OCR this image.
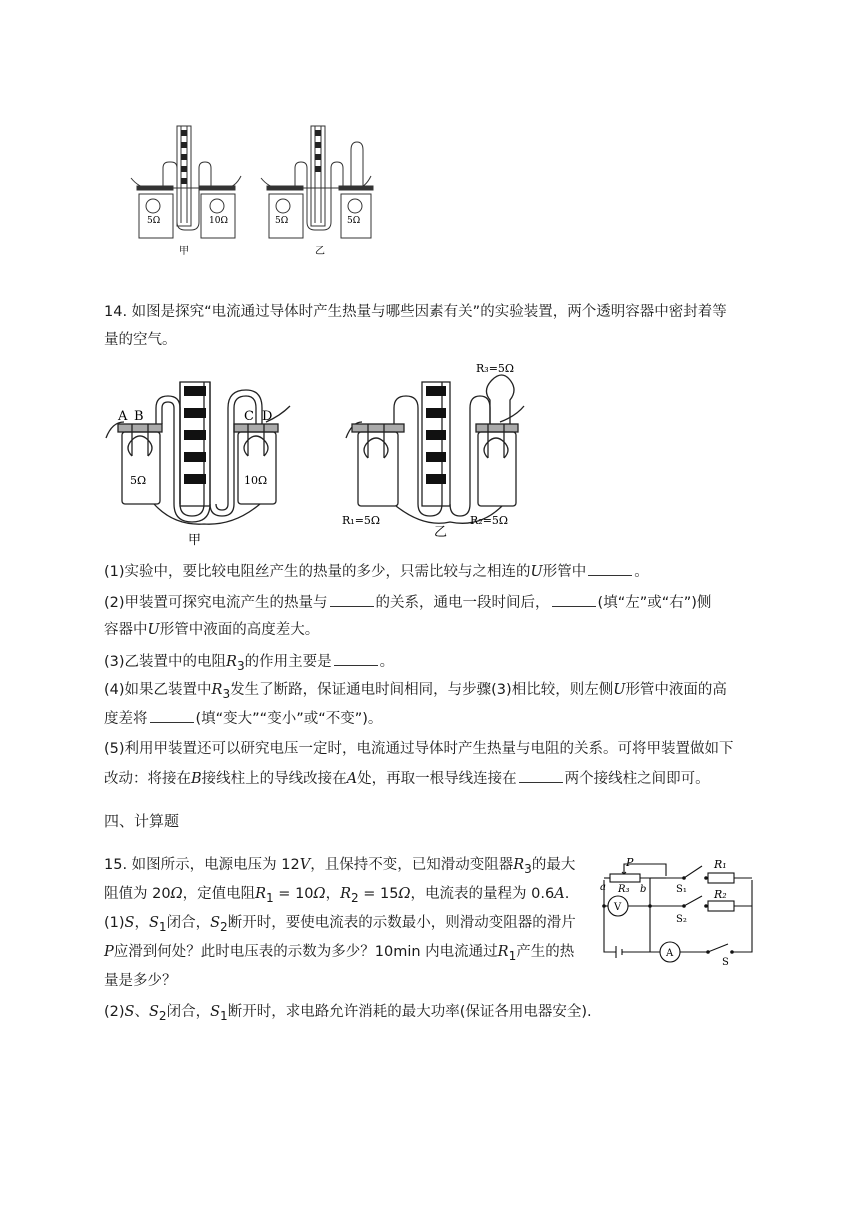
5Ω	10Ω	5Ω	5Ω
甲	乙
14. 如图是探究“电流通过导体时产生热量与哪些因素有关”的实验装置，两个透明容器中密封着等
量的空气。
A B	C D
5Ω	10Ω
甲
乙
R₁=5Ω	R₂=5Ω
R₃=5Ω
(1)实验中，要比较电阻丝产生的热量的多少，只需比较与之相连的U形管中	。
(2)甲装置可探究电流产生的热量与	的关系，通电一段时间后，	(填“左”或“右”)侧
容器中U形管中液面的高度差大。
(3)乙装置中的电阻$R_3$的作用主要是	。
(4)如果乙装置中$R_3$发生了断路，保证通电时间相同，与步骤(3)相比较，则左侧U形管中液面的高
度差将	(填“变大”“变小”或“不变”)。
(5)利用甲装置还可以研究电压一定时，电流通过导体时产生热量与电阻的关系。可将甲装置做如下
改动：将接在B接线柱上的导线改接在A处，再取一根导线连接在	两个接线柱之间即可。
四、计算题
15. 如图所示，电源电压为 12V，且保持不变，已知滑动变阻器$R_3$的最大
阻值为 20Ω，定值电阻$R_1 = 10\Omega$，$R_2 = 15\Omega$，电流表的量程为 0.6A.
(1)S，$S_1$闭合，$S_2$断开时，要使电流表的示数最小，则滑动变阻器的滑片
P应滑到何处？此时电压表的示数为多少？10min 内电流通过$R_1$产生的热
量是多少？
(2)S、$S_2$闭合，$S_1$断开时，求电路允许消耗的最大功率(保证各用电器安全).
P	R₁
R₂
a R₃ b	S₁
S₂
V
A
S
